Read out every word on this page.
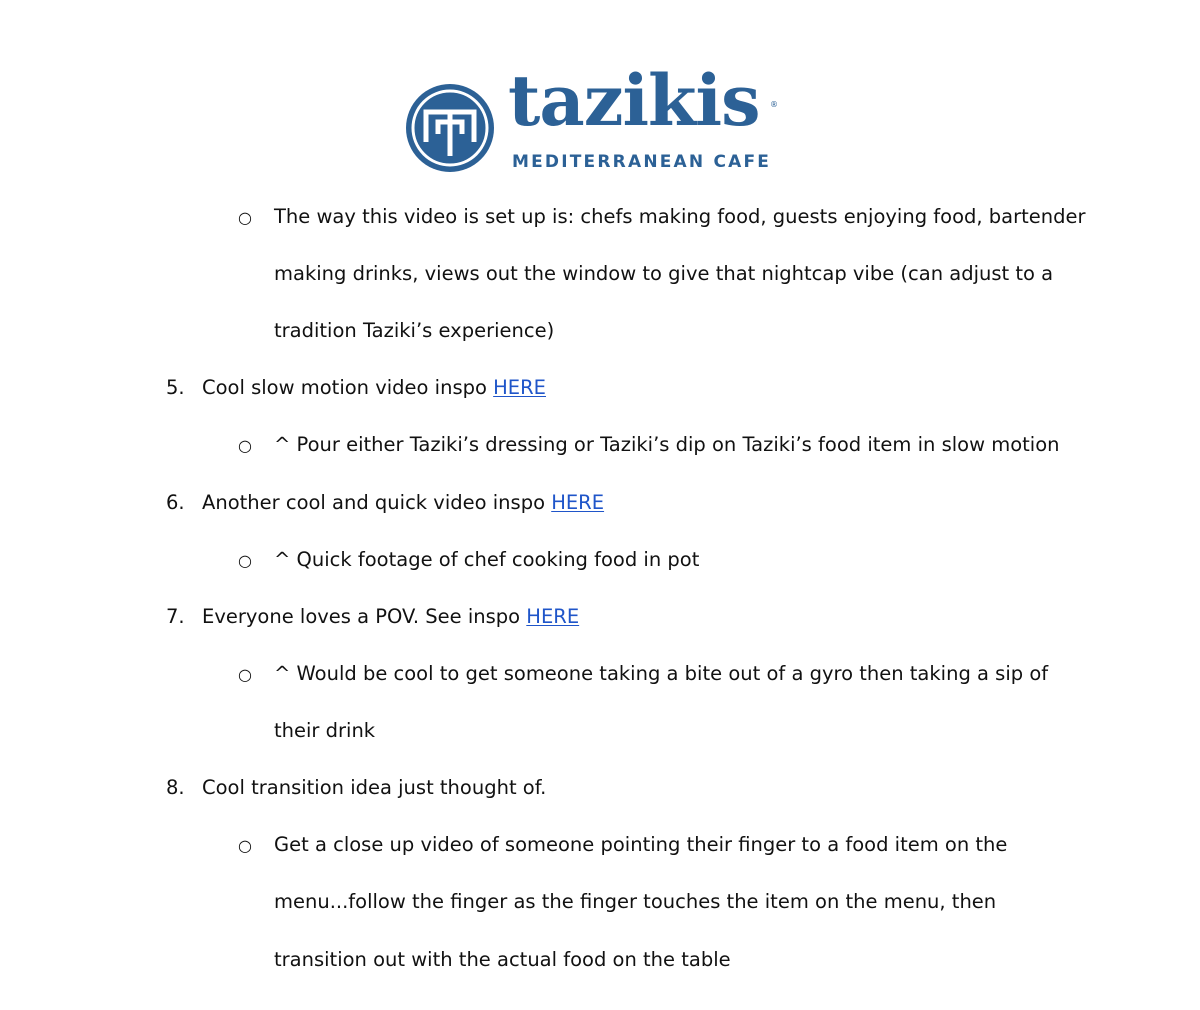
tazikis ®
MEDITERRANEAN CAFE
○ The way this video is set up is: chefs making food, guests enjoying food, bartender
making drinks, views out the window to give that nightcap vibe (can adjust to a
tradition Taziki’s experience)
5. Cool slow motion video inspo HERE
○ ^ Pour either Taziki’s dressing or Taziki’s dip on Taziki’s food item in slow motion
6. Another cool and quick video inspo HERE
○ ^ Quick footage of chef cooking food in pot
7. Everyone loves a POV. See inspo HERE
○ ^ Would be cool to get someone taking a bite out of a gyro then taking a sip of
their drink
8. Cool transition idea just thought of.
○ Get a close up video of someone pointing their finger to a food item on the
menu...follow the finger as the finger touches the item on the menu, then
transition out with the actual food on the table
